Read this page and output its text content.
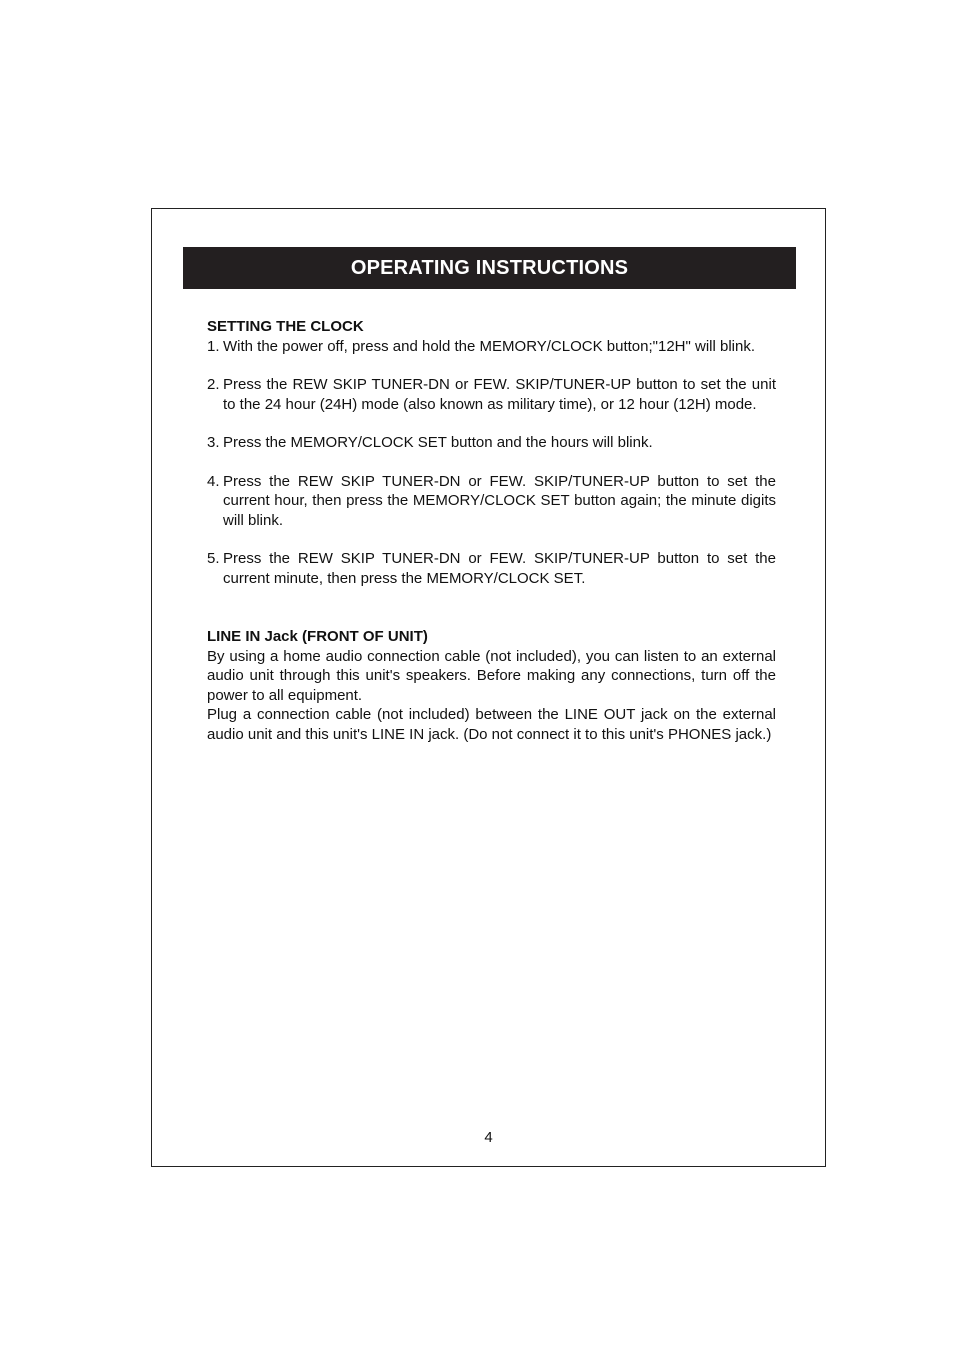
OPERATING INSTRUCTIONS
SETTING THE CLOCK
1. With the power off, press and hold the MEMORY/CLOCK button;"12H" will blink.
2. Press the REW SKIP TUNER-DN or FEW. SKIP/TUNER-UP button to set the unit to the 24 hour (24H) mode (also known as military time), or 12 hour (12H) mode.
3. Press the MEMORY/CLOCK SET button and the hours will blink.
4. Press the REW SKIP TUNER-DN or FEW. SKIP/TUNER-UP button to set the current hour, then press the MEMORY/CLOCK SET button again; the minute digits will blink.
5. Press the REW SKIP TUNER-DN or FEW. SKIP/TUNER-UP button to set the current minute, then press the MEMORY/CLOCK SET.
LINE IN Jack (FRONT OF UNIT)

By using a home audio connection cable (not included), you can listen to an external audio unit through this unit's speakers. Before making any connections, turn off the power to all equipment.

Plug a connection cable (not included) between the LINE OUT jack on the external audio unit and this unit's LINE IN jack. (Do not connect it to this unit's PHONES jack.)

4
